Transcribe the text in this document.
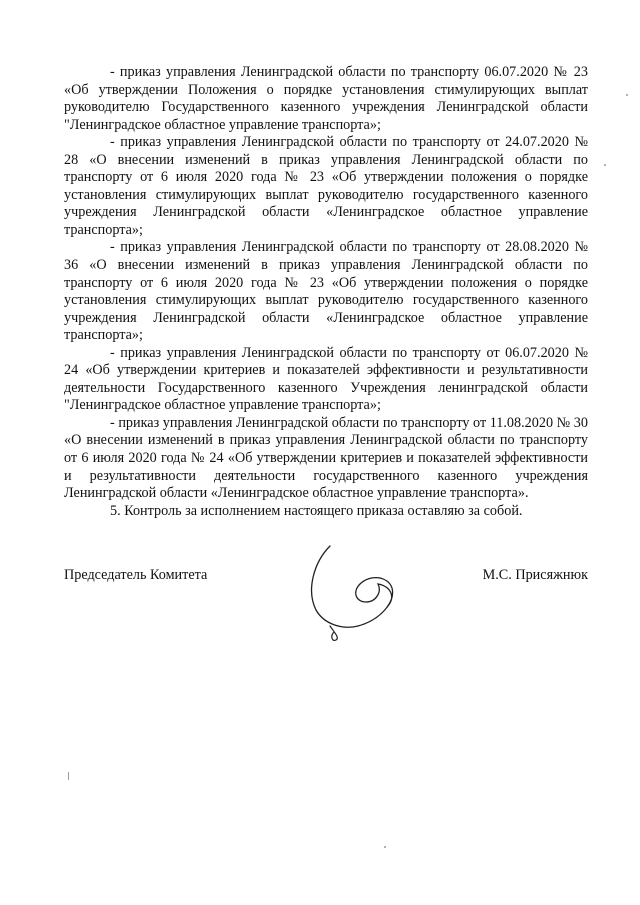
- приказ управления Ленинградской области по транспорту 06.07.2020 № 23 «Об утверждении Положения о порядке установления стимулирующих выплат руководителю Государственного казенного учреждения Ленинградской области "Ленинградское областное управление транспорта»;

- приказ управления Ленинградской области по транспорту от 24.07.2020 № 28 «О внесении изменений в приказ управления Ленинградской области по транспорту от 6 июля 2020 года № 23 «Об утверждении положения о порядке установления стимулирующих выплат руководителю государственного казенного учреждения Ленинградской области «Ленинградское областное управление транспорта»;

- приказ управления Ленинградской области по транспорту от 28.08.2020 № 36 «О внесении изменений в приказ управления Ленинградской области по транспорту от 6 июля 2020 года № 23 «Об утверждении положения о порядке установления стимулирующих выплат руководителю государственного казенного учреждения Ленинградской области «Ленинградское областное управление транспорта»;

- приказ управления Ленинградской области по транспорту от 06.07.2020 № 24 «Об утверждении критериев и показателей эффективности и результативности деятельности Государственного казенного Учреждения ленинградской области "Ленинградское областное управление транспорта»;

- приказ управления Ленинградской области по транспорту от 11.08.2020 № 30 «О внесении изменений в приказ управления Ленинградской области по транспорту от 6 июля 2020 года № 24 «Об утверждении критериев и показателей эффективности и результативности деятельности государственного казенного учреждения Ленинградской области «Ленинградское областное управление транспорта».

5. Контроль за исполнением настоящего приказа оставляю за собой.

Председатель Комитета	М.С. Присяжнюк
